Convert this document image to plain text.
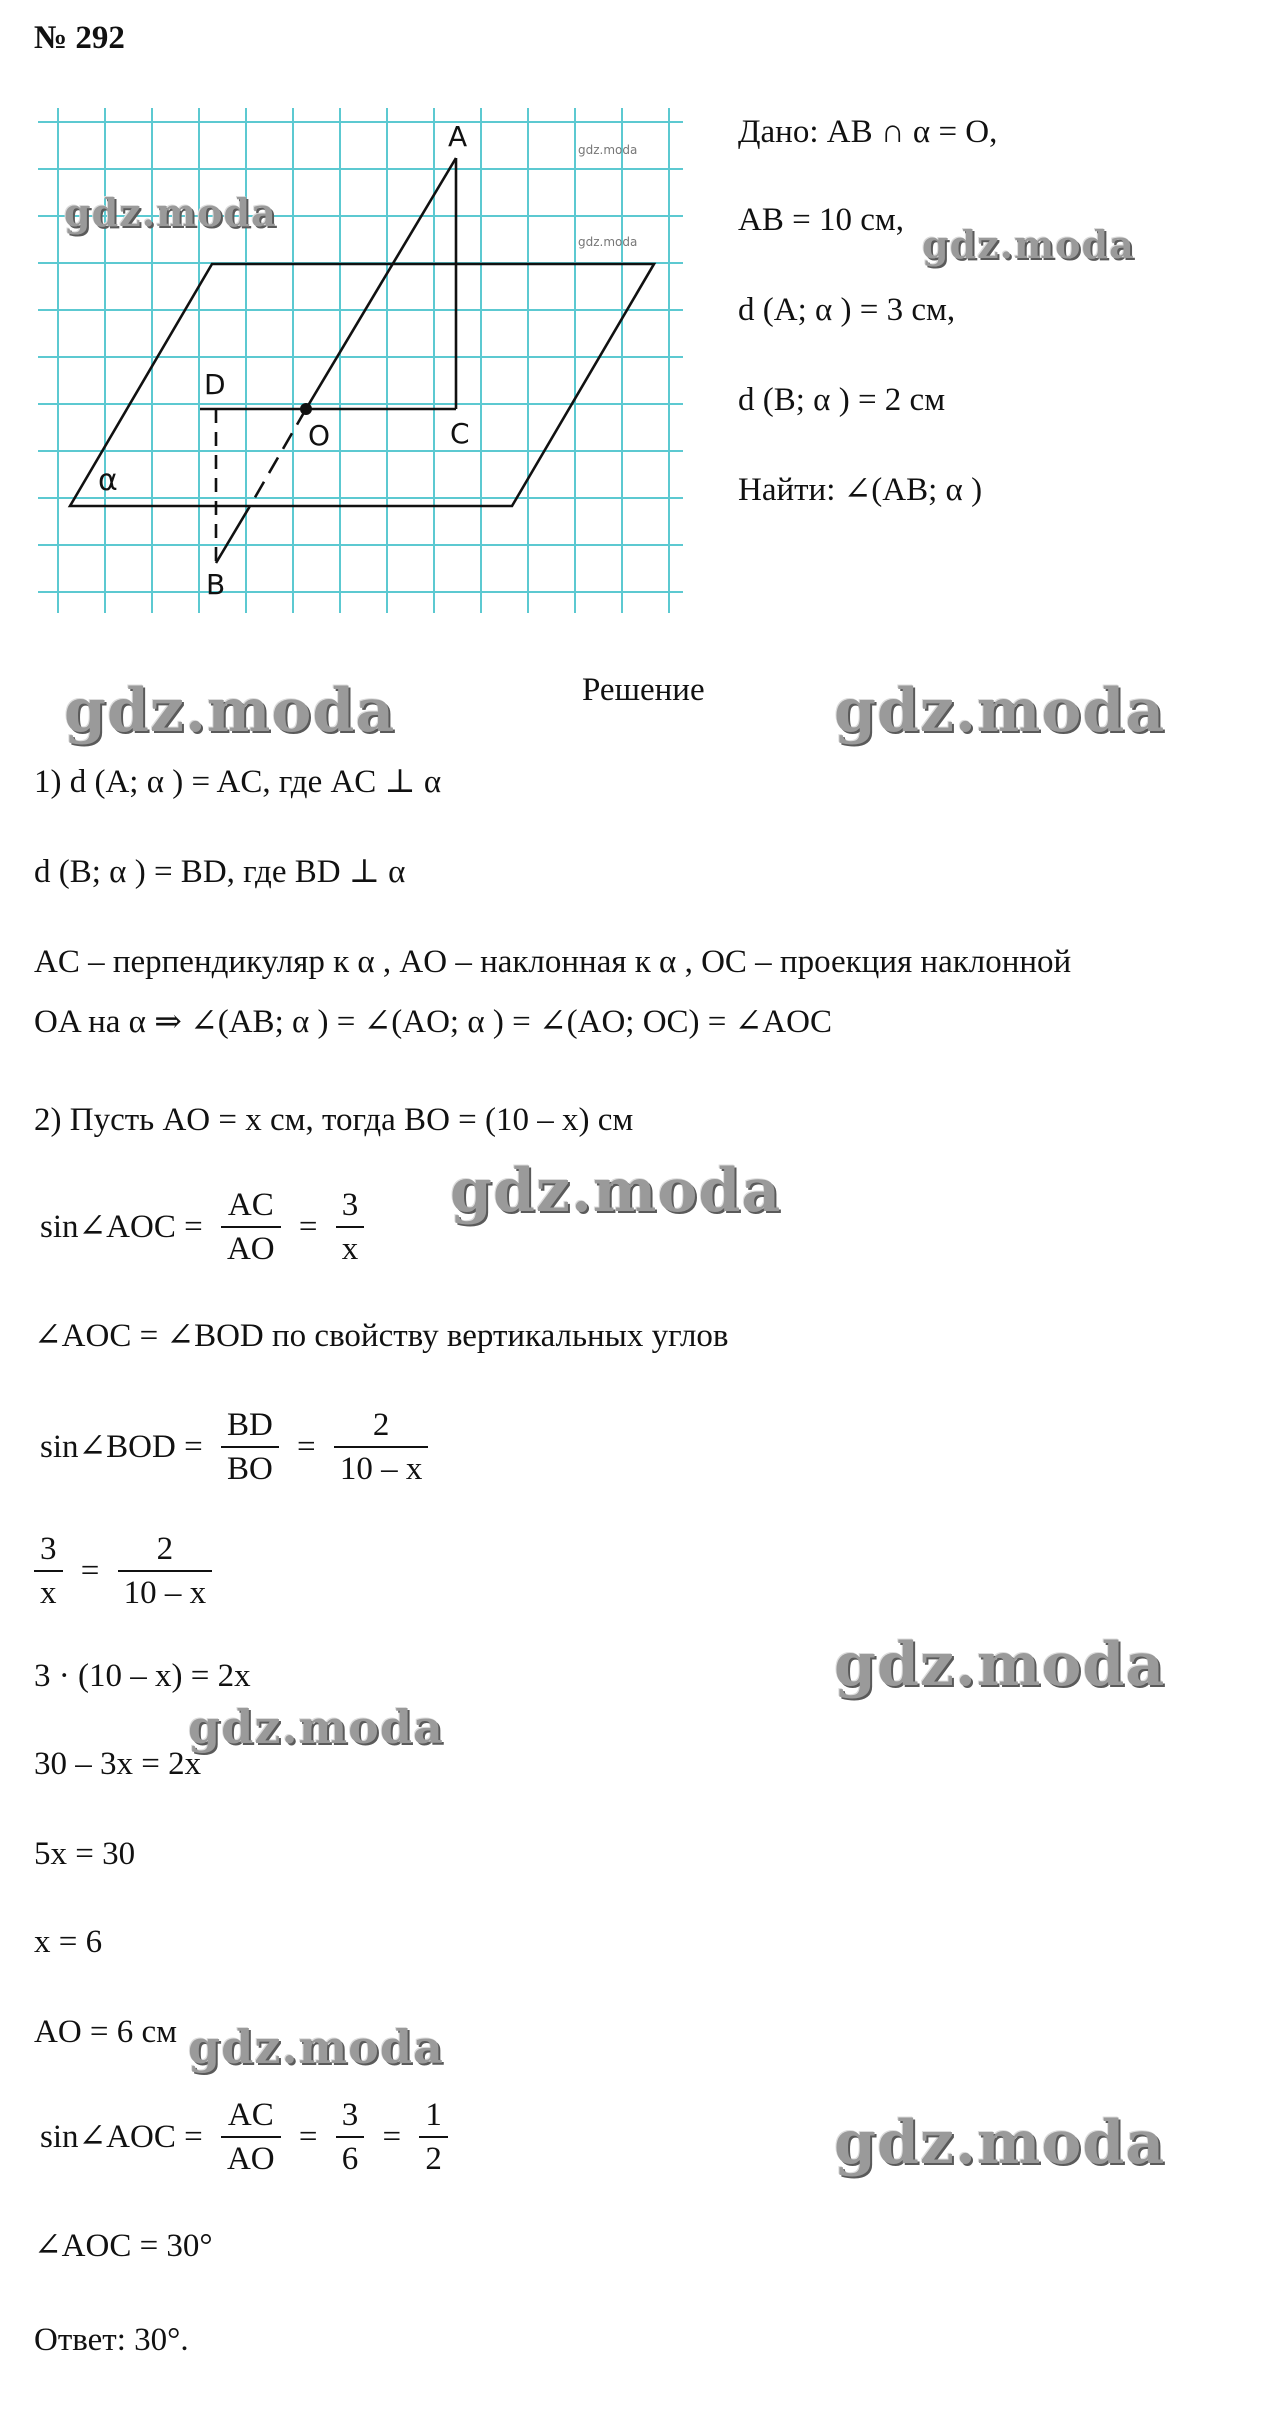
№ 292
A
C
D
O
B
α
gdz.moda
gdz.moda
Дано: AB ∩ α = O,
AB = 10 см,
d (A; α ) = 3 см,
d (B; α ) = 2 см
Найти: ∠(AB; α )
Решение
1) d (A; α ) = AC, где AC ⊥ α
d (B; α ) = BD, где BD ⊥ α
AC – перпендикуляр к α , AO – наклонная к α , OC – проекция наклонной
OA на α ⇒ ∠(AB; α ) = ∠(AO; α ) = ∠(AO; OC) = ∠AOC
2) Пусть AO = x см, тогда BO = (10 – x) см
sin∠AOC = $\frac{AC}{AO} = \frac{3}{x}$
∠AOC = ∠BOD по свойству вертикальных углов
sin∠BOD = $\frac{BD}{BO} = \frac{2}{10 - x}$
$\frac{3}{x} = \frac{2}{10 - x}$
3 · (10 – x) = 2x
30 – 3x = 2x
5x = 30
x = 6
AO = 6 см
sin∠AOC = $\frac{AC}{AO} = \frac{3}{6} = \frac{1}{2}$
∠AOC = 30°
Ответ: 30°.
gdz.moda
gdz.moda
gdz.moda	gdz.moda
gdz.moda
gdz.moda
gdz.moda
gdz.moda
gdz.moda
